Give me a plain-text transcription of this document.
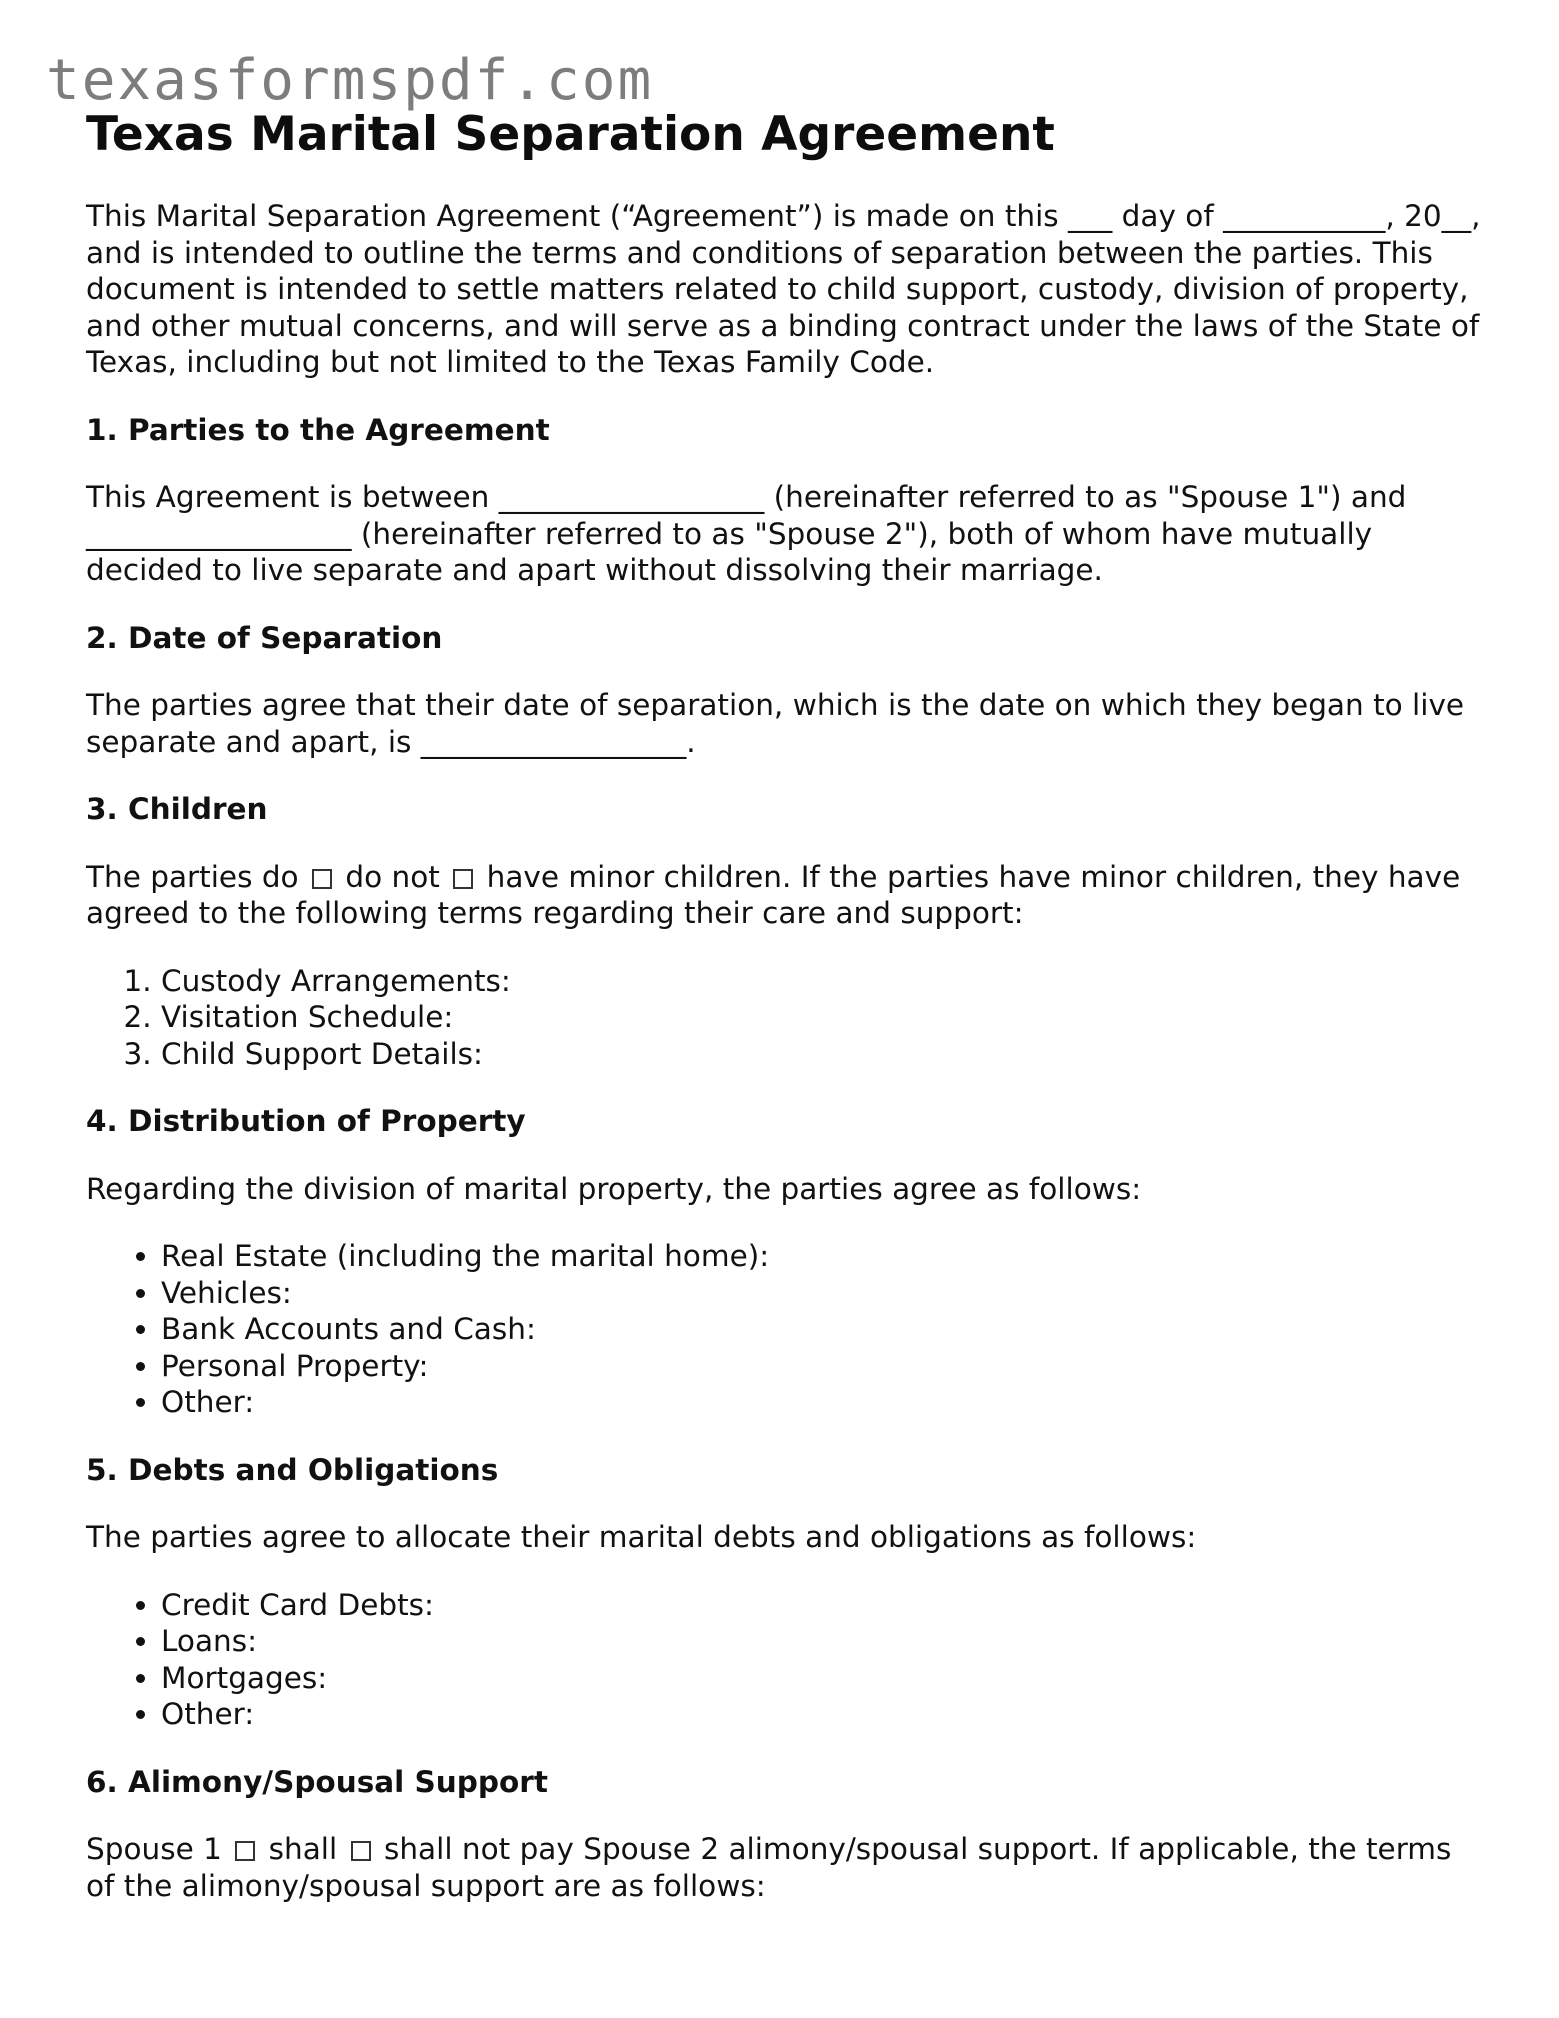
texasformspdf.com
Texas Marital Separation Agreement

This Marital Separation Agreement (“Agreement”) is made on this ___ day of ___________, 20__, and is intended to outline the terms and conditions of separation between the parties. This document is intended to settle matters related to child support, custody, division of property, and other mutual concerns, and will serve as a binding contract under the laws of the State of Texas, including but not limited to the Texas Family Code.

1. Parties to the Agreement

This Agreement is between __________________ (hereinafter referred to as "Spouse 1") and __________________ (hereinafter referred to as "Spouse 2"), both of whom have mutually decided to live separate and apart without dissolving their marriage.

2. Date of Separation

The parties agree that their date of separation, which is the date on which they began to live separate and apart, is __________________.

3. Children

The parties do do not have minor children. If the parties have minor children, they have agreed to the following terms regarding their care and support:

1. Custody Arrangements:
2. Visitation Schedule:
3. Child Support Details:
4. Distribution of Property

Regarding the division of marital property, the parties agree as follows:

• Real Estate (including the marital home):
• Vehicles:
• Bank Accounts and Cash:
• Personal Property:
• Other:
5. Debts and Obligations

The parties agree to allocate their marital debts and obligations as follows:

• Credit Card Debts:
• Loans:
• Mortgages:
• Other:
6. Alimony/Spousal Support

Spouse 1 shall shall not pay Spouse 2 alimony/spousal support. If applicable, the terms of the alimony/spousal support are as follows:
